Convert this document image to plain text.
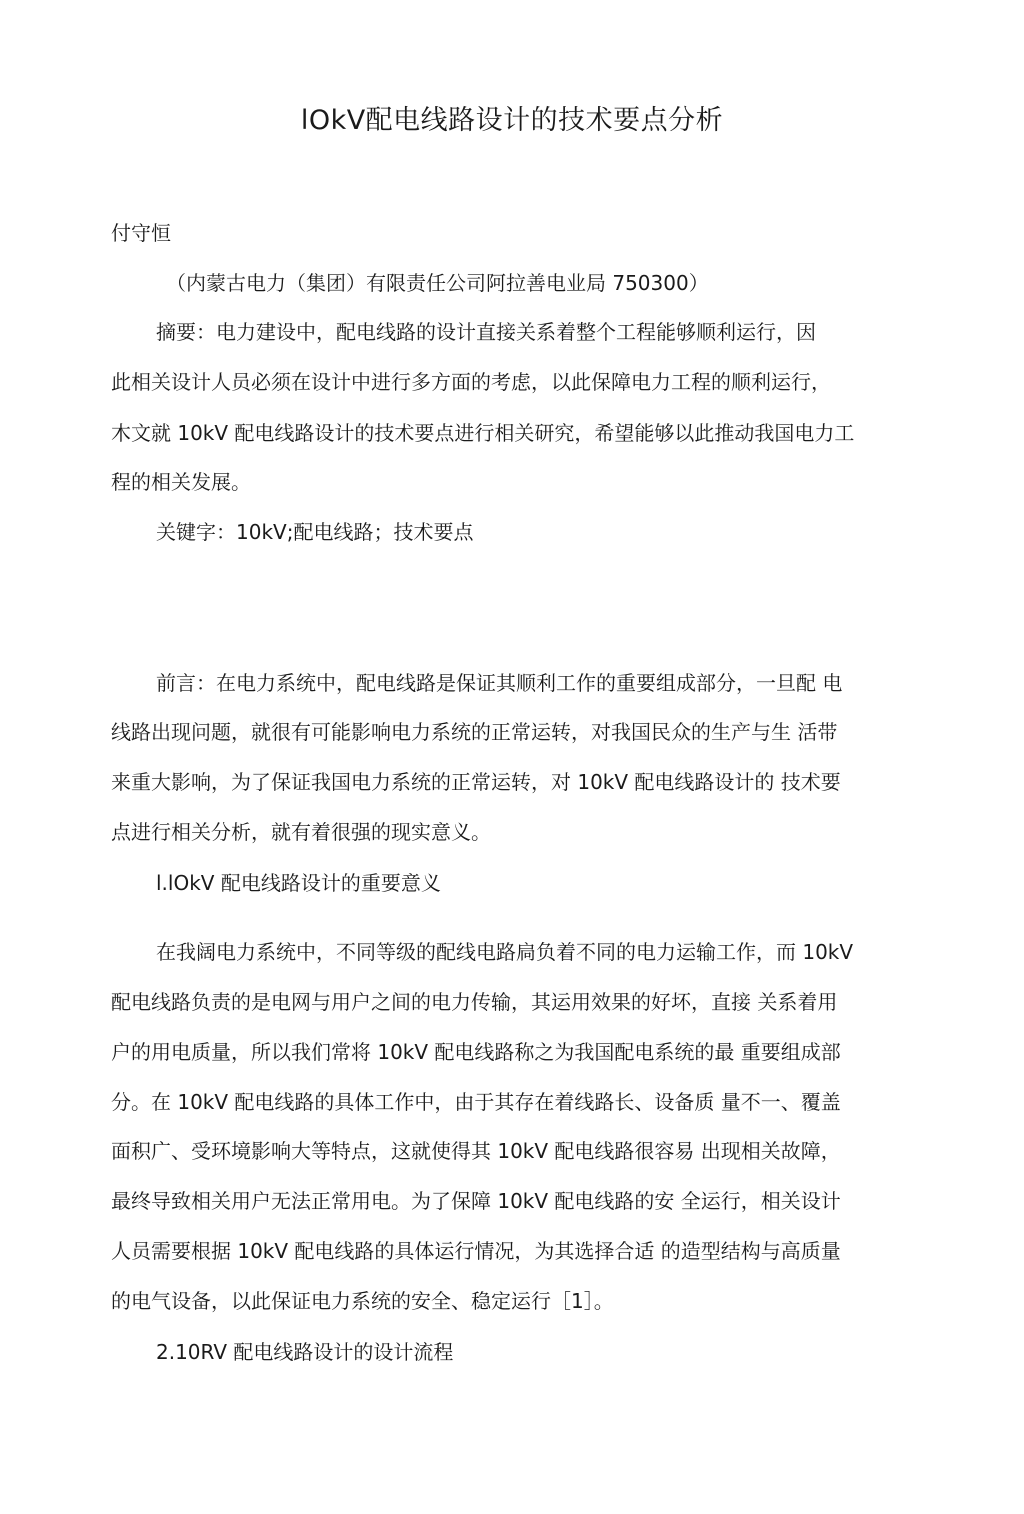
lOkV配电线路设计的技术要点分析
付守恒
（内蒙古电力（集团）有限责任公司阿拉善电业局 750300）
摘要：电力建设中，配电线路的设计直接关系着整个工程能够顺利运行，因
此相关设计人员必须在设计中进行多方面的考虑，以此保障电力工程的顺利运行，
木文就 10kV 配电线路设计的技术要点进行相关研究，希望能够以此推动我国电力工
程的相关发展。
关键字：10kV;配电线路；技术要点
前言：在电力系统中，配电线路是保证其顺利工作的重要组成部分，一旦配 电
线路出现问题，就很有可能影响电力系统的正常运转，对我国民众的生产与生 活带
来重大影响，为了保证我国电力系统的正常运转，对 10kV 配电线路设计的 技术要
点进行相关分析，就有着很强的现实意义。
l.lOkV 配电线路设计的重要意义
在我阔电力系统中，不同等级的配线电路扃负着不同的电力运输工作，而 10kV
配电线路负责的是电网与用户之间的电力传输，其运用效果的好坏，直接 关系着用
户的用电质量，所以我们常将 10kV 配电线路称之为我国配电系统的最 重要组成部
分。在 10kV 配电线路的具体工作中，由于其存在着线路长、设备质 量不一、覆盖
面积广、受环境影响大等特点，这就使得其 10kV 配电线路很容易 出现相关故障，
最终导致相关用户无法正常用电。为了保障 10kV 配电线路的安 全运行，相关设计
人员需要根据 10kV 配电线路的具体运行情况，为其选择合适 的造型结构与高质量
的电气设备，以此保证电力系统的安全、稳定运行［1］。
2.10RV 配电线路设计的设计流程
